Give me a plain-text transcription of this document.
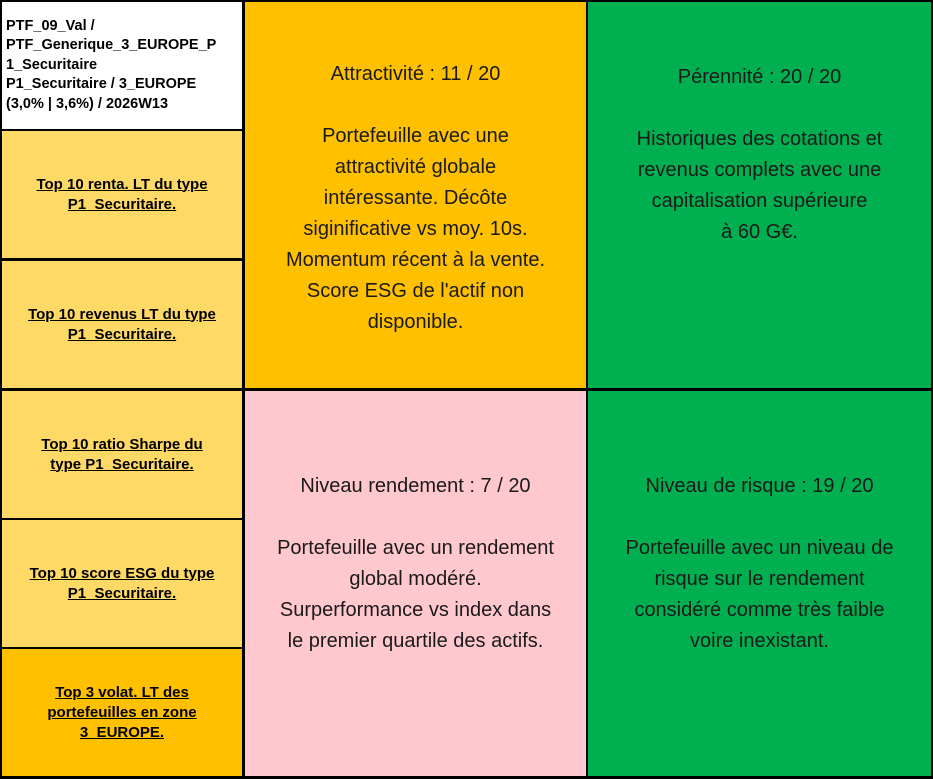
PTF_09_Val /
PTF_Generique_3_EUROPE_P
1_Securitaire
P1_Securitaire / 3_EUROPE
(3,0% | 3,6%) / 2026W13
Top 10 renta. LT du type
P1_Securitaire.
Top 10 revenus LT du type
P1_Securitaire.
Top 10 ratio Sharpe du
type P1_Securitaire.
Top 10 score ESG du type
P1_Securitaire.
Top 3 volat. LT des
portefeuilles en zone
3_EUROPE.
Attractivité : 11 / 20
Portefeuille avec une
attractivité globale
intéressante. Décôte
siginificative vs moy. 10s.
Momentum récent à la vente.
Score ESG de l'actif non
disponible.
Pérennité : 20 / 20
Historiques des cotations et
revenus complets avec une
capitalisation supérieure
à 60 G€.
Niveau rendement : 7 / 20
Portefeuille avec un rendement
global modéré.
Surperformance vs index dans
le premier quartile des actifs.
Niveau de risque : 19 / 20
Portefeuille avec un niveau de
risque sur le rendement
considéré comme très faible
voire inexistant.
